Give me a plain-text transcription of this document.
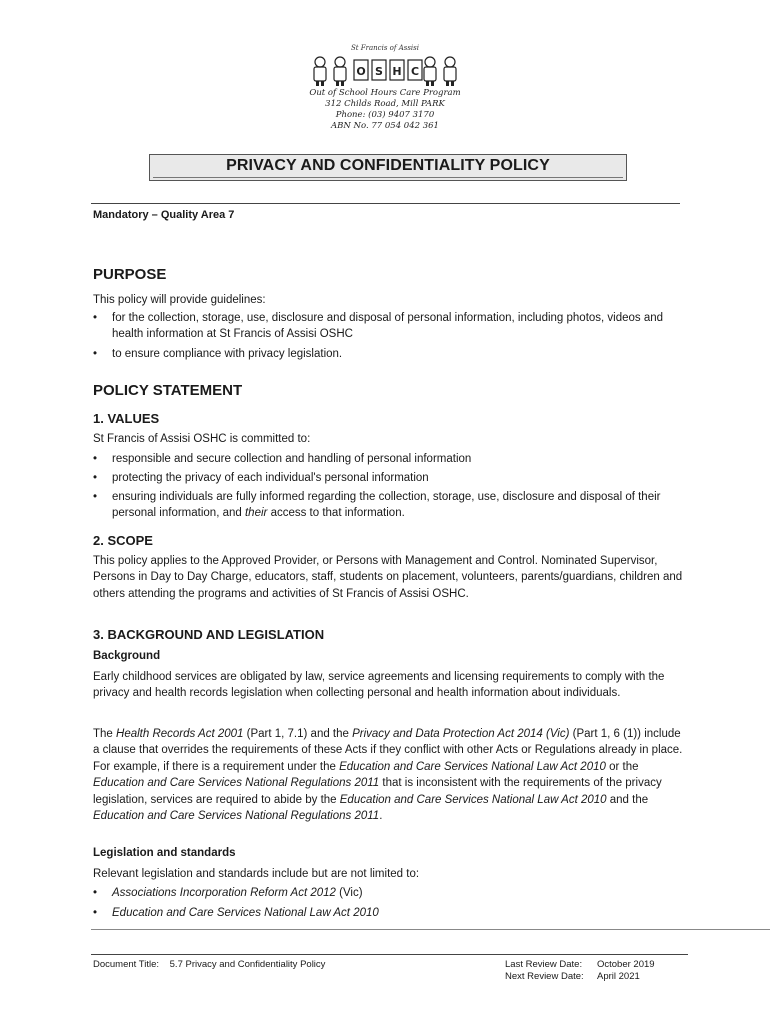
St Francis of Assisi
O S H C
Out of School Hours Care Program
312 Childs Road, Mill PARK
Phone: (03) 9407 3170
ABN No. 77 054 042 361
PRIVACY AND CONFIDENTIALITY POLICY
Mandatory – Quality Area 7
PURPOSE
This policy will provide guidelines:
•	for the collection, storage, use, disclosure and disposal of personal information, including photos, videos and health information at St Francis of Assisi OSHC
•	to ensure compliance with privacy legislation.
POLICY STATEMENT
1. VALUES
St Francis of Assisi OSHC is committed to:
•	responsible and secure collection and handling of personal information
•	protecting the privacy of each individual's personal information
•	ensuring individuals are fully informed regarding the collection, storage, use, disclosure and disposal of their personal information, and their access to that information.
2. SCOPE
This policy applies to the Approved Provider, or Persons with Management and Control. Nominated Supervisor, Persons in Day to Day Charge, educators, staff, students on placement, volunteers, parents/guardians, children and others attending the programs and activities of St Francis of Assisi OSHC.
3. BACKGROUND AND LEGISLATION
Background
Early childhood services are obligated by law, service agreements and licensing requirements to comply with the privacy and health records legislation when collecting personal and health information about individuals.
The Health Records Act 2001 (Part 1, 7.1) and the Privacy and Data Protection Act 2014 (Vic) (Part 1, 6 (1)) include a clause that overrides the requirements of these Acts if they conflict with other Acts or Regulations already in place. For example, if there is a requirement under the Education and Care Services National Law Act 2010 or the Education and Care Services National Regulations 2011 that is inconsistent with the requirements of the privacy legislation, services are required to abide by the Education and Care Services National Law Act 2010 and the Education and Care Services National Regulations 2011.
Legislation and standards
Relevant legislation and standards include but are not limited to:
•	Associations Incorporation Reform Act 2012 (Vic)
•	Education and Care Services National Law Act 2010
Document Title: 5.7 Privacy and Confidentiality Policy	Last Review Date: October 2019
Next Review Date: April 2021
